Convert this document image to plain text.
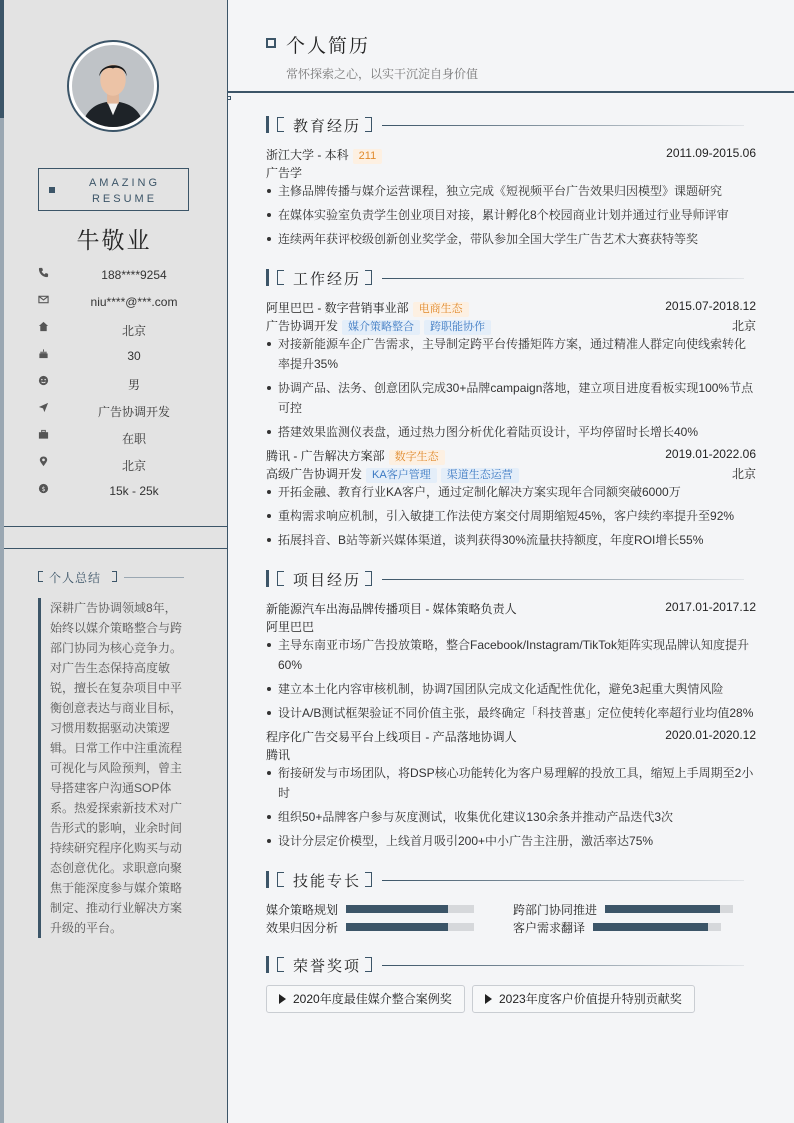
AMAZING
RESUME
牛敬业
188****9254
niu****@***.com
北京
30
男
广告协调开发
在职
北京
$	15k - 25k
个人总结
深耕广告协调领域8年，始终以媒介策略整合与跨部门协同为核心竞争力。对广告生态保持高度敏锐，擅长在复杂项目中平衡创意表达与商业目标，习惯用数据驱动决策逻辑。日常工作中注重流程可视化与风险预判，曾主导搭建客户沟通SOP体系。热爱探索新技术对广告形式的影响，业余时间持续研究程序化购买与动态创意优化。求职意向聚焦于能深度参与媒介策略制定、推动行业解决方案升级的平台。
个人简历
常怀探索之心，以实干沉淀自身价值
教育经历
浙江大学 - 本科 211	2011.09-2015.06
广告学
主修品牌传播与媒介运营课程，独立完成《短视频平台广告效果归因模型》课题研究
在媒体实验室负责学生创业项目对接，累计孵化8个校园商业计划并通过行业导师评审
连续两年获评校级创新创业奖学金，带队参加全国大学生广告艺术大赛获特等奖
工作经历
阿里巴巴 - 数字营销事业部 电商生态	2015.07-2018.12
广告协调开发 媒介策略整合 跨职能协作	北京
对接新能源车企广告需求，主导制定跨平台传播矩阵方案，通过精准人群定向使线索转化率提升35%
协调产品、法务、创意团队完成30+品牌campaign落地，建立项目进度看板实现100%节点可控
搭建效果监测仪表盘，通过热力图分析优化着陆页设计，平均停留时长增长40%
腾讯 - 广告解决方案部 数字生态	2019.01-2022.06
高级广告协调开发 KA客户管理 渠道生态运营	北京
开拓金融、教育行业KA客户，通过定制化解决方案实现年合同额突破6000万
重构需求响应机制，引入敏捷工作法使方案交付周期缩短45%，客户续约率提升至92%
拓展抖音、B站等新兴媒体渠道，谈判获得30%流量扶持额度，年度ROI增长55%
项目经历
新能源汽车出海品牌传播项目 - 媒体策略负责人	2017.01-2017.12
阿里巴巴
主导东南亚市场广告投放策略，整合Facebook/Instagram/TikTok矩阵实现品牌认知度提升60%
建立本土化内容审核机制，协调7国团队完成文化适配性优化，避免3起重大舆情风险
设计A/B测试框架验证不同价值主张，最终确定「科技普惠」定位使转化率超行业均值28%
程序化广告交易平台上线项目 - 产品落地协调人	2020.01-2020.12
腾讯
衔接研发与市场团队，将DSP核心功能转化为客户易理解的投放工具，缩短上手周期至2小时
组织50+品牌客户参与灰度测试，收集优化建议130余条并推动产品迭代3次
设计分层定价模型，上线首月吸引200+中小广告主注册，激活率达75%
技能专长
媒介策略规划	跨部门协同推进
效果归因分析	客户需求翻译
荣誉奖项
2020年度最佳媒介整合案例奖	2023年度客户价值提升特别贡献奖
